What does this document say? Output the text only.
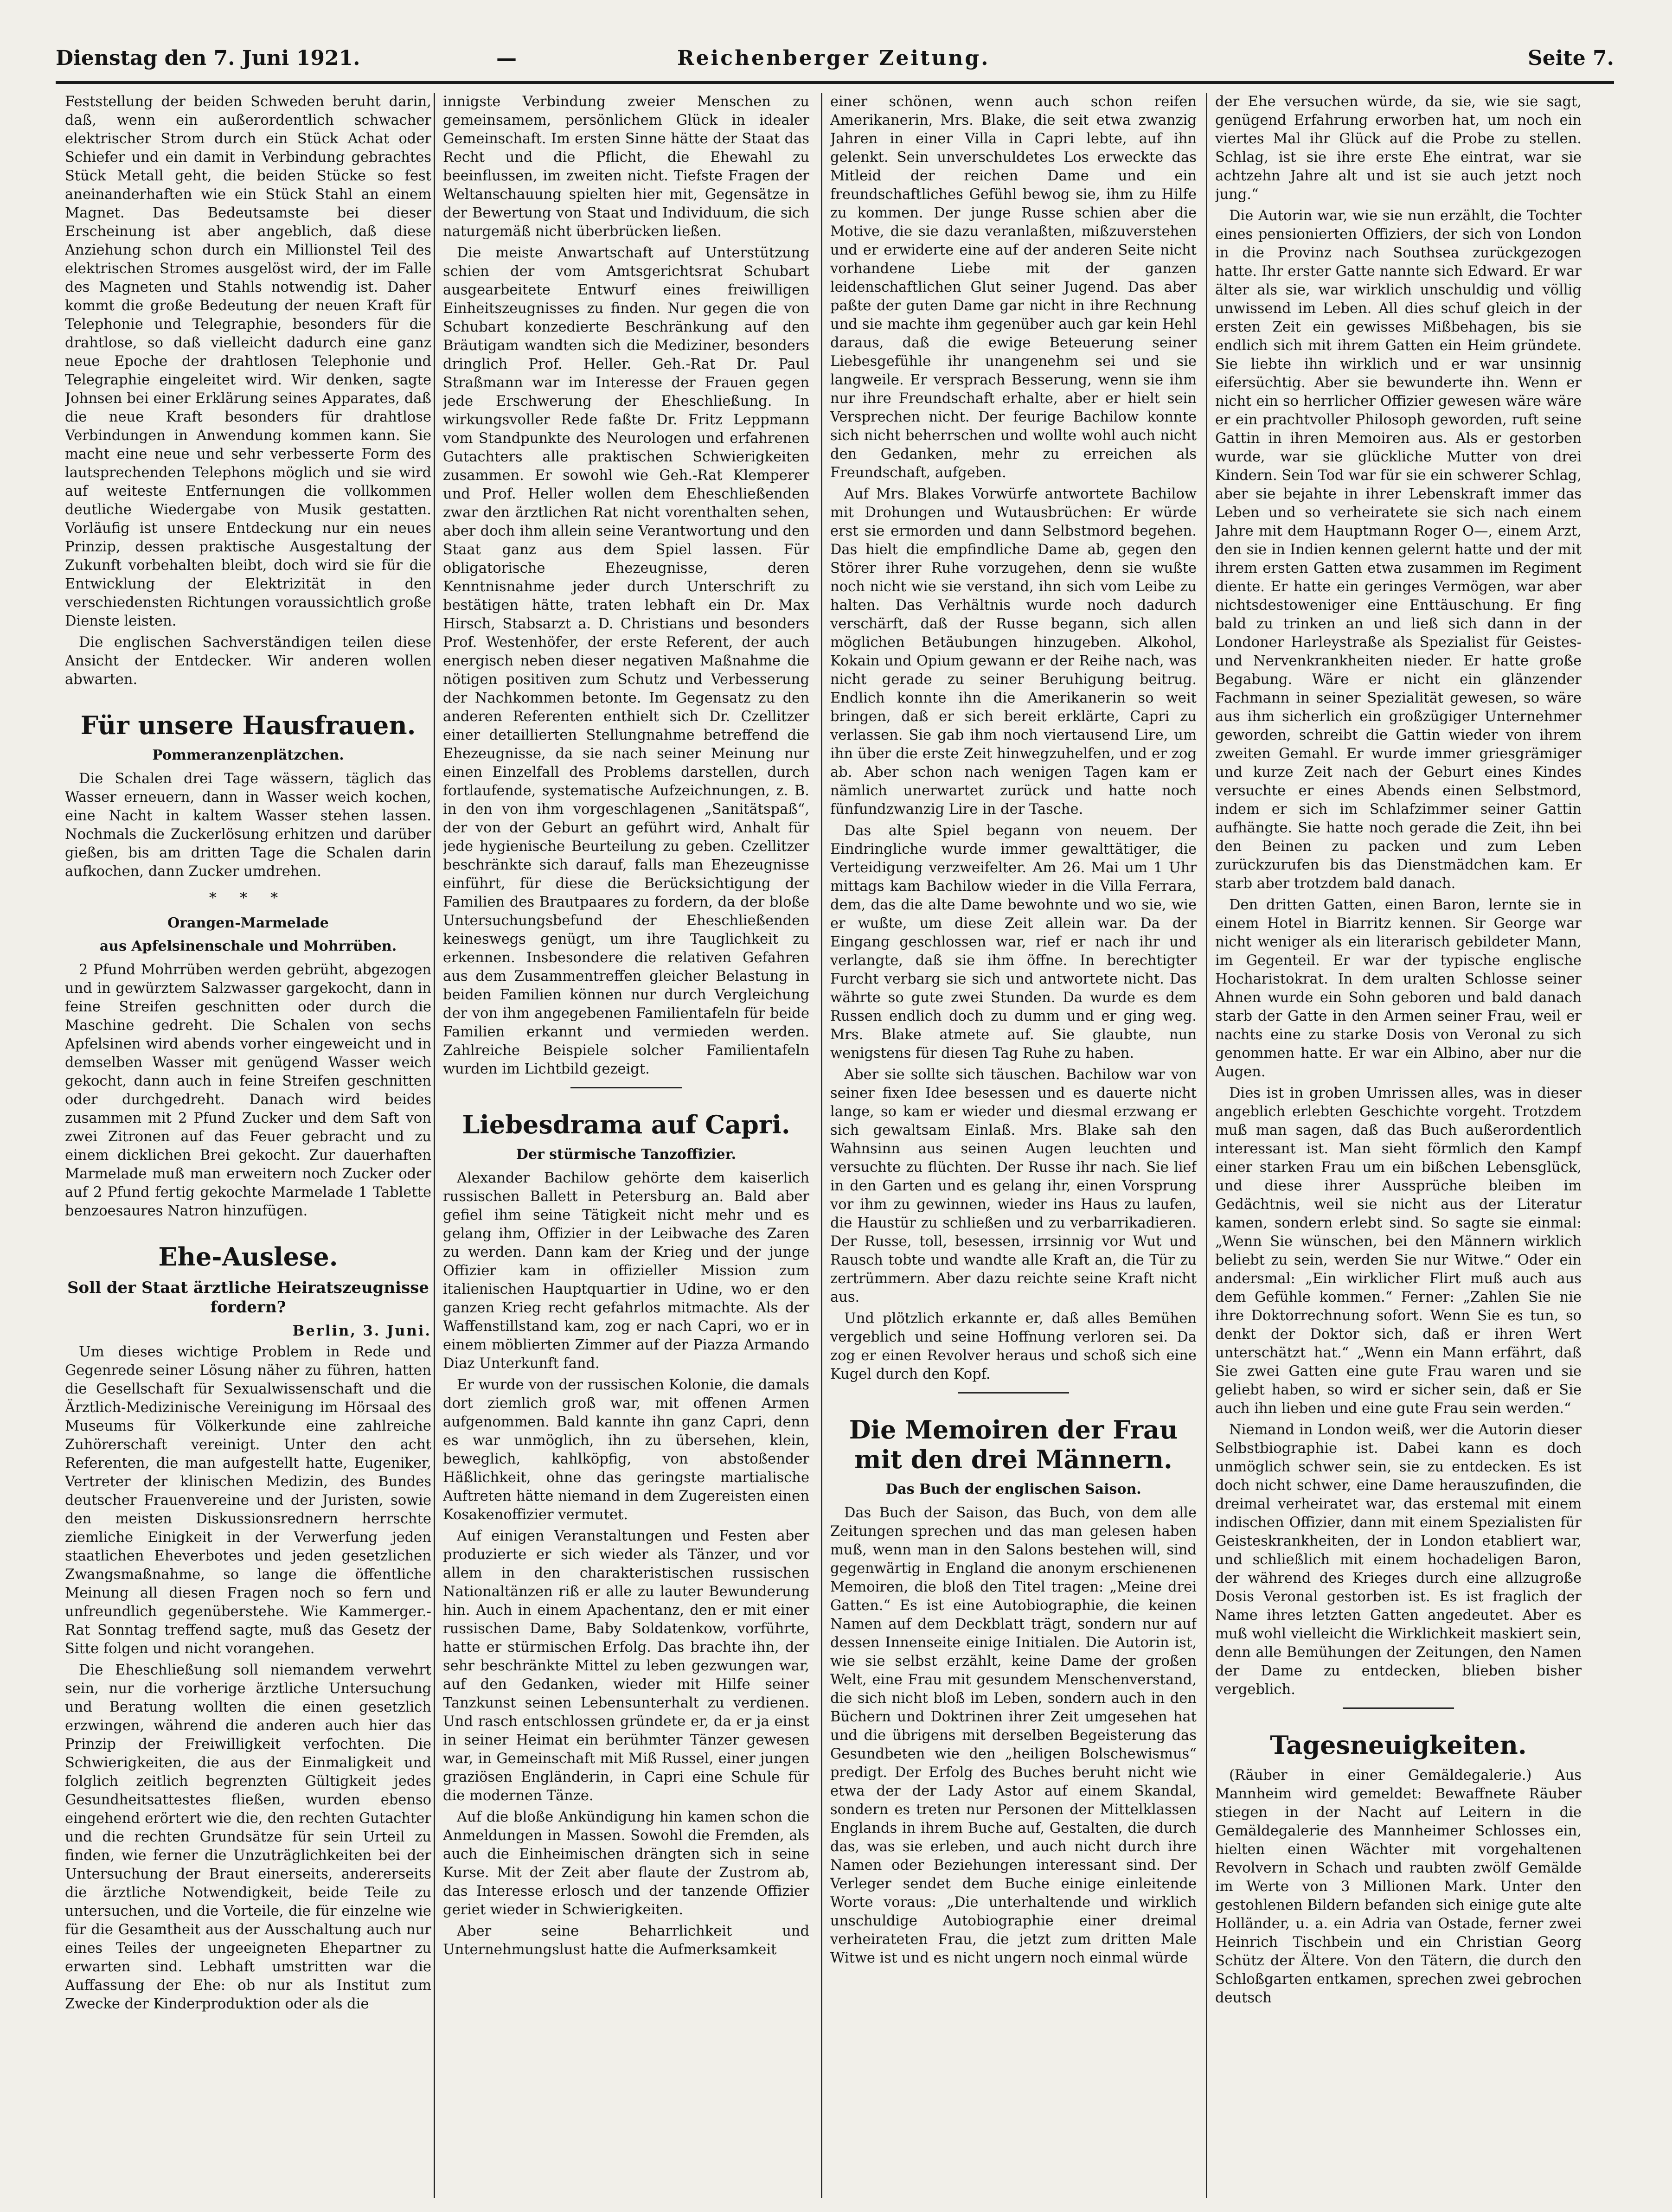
Dienstag den 7. Juni 1921.	—	Reichenberger Zeitung.	Seite 7.

Feststellung der beiden Schweden beruht darin, daß, wenn ein außerordentlich schwacher elektrischer Strom durch ein Stück Achat oder Schiefer und ein damit in Verbindung gebrachtes Stück Metall geht, die beiden Stücke so fest aneinanderhaften wie ein Stück Stahl an einem Magnet. Das Bedeutsamste bei dieser Erscheinung ist aber angeblich, daß diese Anziehung schon durch ein Millionstel Teil des elektrischen Stromes ausgelöst wird, der im Falle des Magneten und Stahls notwendig ist. Daher kommt die große Bedeutung der neuen Kraft für Telephonie und Telegraphie, besonders für die drahtlose, so daß vielleicht dadurch eine ganz neue Epoche der drahtlosen Telephonie und Telegraphie eingeleitet wird. Wir denken, sagte Johnsen bei einer Erklärung seines Apparates, daß die neue Kraft besonders für drahtlose Verbindungen in Anwendung kommen kann. Sie macht eine neue und sehr verbesserte Form des lautsprechenden Telephons möglich und sie wird auf weiteste Entfernungen die vollkommen deutliche Wiedergabe von Musik gestatten. Vorläufig ist unsere Entdeckung nur ein neues Prinzip, dessen praktische Ausgestaltung der Zukunft vorbehalten bleibt, doch wird sie für die Entwicklung der Elektrizität in den verschiedensten Richtungen voraussichtlich große Dienste leisten.

Die englischen Sachverständigen teilen diese Ansicht der Entdecker. Wir anderen wollen abwarten.

Für unsere Hausfrauen.
Pommeranzenplätzchen.

Die Schalen drei Tage wässern, täglich das Wasser erneuern, dann in Wasser weich kochen, eine Nacht in kaltem Wasser stehen lassen. Nochmals die Zuckerlösung erhitzen und darüber gießen, bis am dritten Tage die Schalen darin aufkochen, dann Zucker umdrehen.

* * *
Orangen-Marmelade
aus Apfelsinenschale und Mohrrüben.

2 Pfund Mohrrüben werden gebrüht, abgezogen und in gewürztem Salzwasser gargekocht, dann in feine Streifen geschnitten oder durch die Maschine gedreht. Die Schalen von sechs Apfelsinen wird abends vorher eingeweicht und in demselben Wasser mit genügend Wasser weich gekocht, dann auch in feine Streifen geschnitten oder durchgedreht. Danach wird beides zusammen mit 2 Pfund Zucker und dem Saft von zwei Zitronen auf das Feuer gebracht und zu einem dicklichen Brei gekocht. Zur dauerhaften Marmelade muß man erweitern noch Zucker oder auf 2 Pfund fertig gekochte Marmelade 1 Tablette benzoesaures Natron hinzufügen.

Ehe-Auslese.
Soll der Staat ärztliche Heiratszeugnisse fordern?
Berlin, 3. Juni.

Um dieses wichtige Problem in Rede und Gegenrede seiner Lösung näher zu führen, hatten die Gesellschaft für Sexualwissenschaft und die Ärztlich-Medizinische Vereinigung im Hörsaal des Museums für Völkerkunde eine zahlreiche Zuhörerschaft vereinigt. Unter den acht Referenten, die man aufgestellt hatte, Eugeniker, Vertreter der klinischen Medizin, des Bundes deutscher Frauenvereine und der Juristen, sowie den meisten Diskussionsrednern herrschte ziemliche Einigkeit in der Verwerfung jeden staatlichen Eheverbotes und jeden gesetzlichen Zwangsmaßnahme, so lange die öffentliche Meinung all diesen Fragen noch so fern und unfreundlich gegenüberstehe. Wie Kammerger.-Rat Sonntag treffend sagte, muß das Gesetz der Sitte folgen und nicht vorangehen.

Die Eheschließung soll niemandem verwehrt sein, nur die vorherige ärztliche Untersuchung und Beratung wollten die einen gesetzlich erzwingen, während die anderen auch hier das Prinzip der Freiwilligkeit verfochten. Die Schwierigkeiten, die aus der Einmaligkeit und folglich zeitlich begrenzten Gültigkeit jedes Gesundheitsattestes fließen, wurden ebenso eingehend erörtert wie die, den rechten Gutachter und die rechten Grundsätze für sein Urteil zu finden, wie ferner die Unzuträglichkeiten bei der Untersuchung der Braut einerseits, andererseits die ärztliche Notwendigkeit, beide Teile zu untersuchen, und die Vorteile, die für einzelne wie für die Gesamtheit aus der Ausschaltung auch nur eines Teiles der ungeeigneten Ehepartner zu erwarten sind. Lebhaft umstritten war die Auffassung der Ehe: ob nur als Institut zum Zwecke der Kinderproduktion oder als die

innigste Verbindung zweier Menschen zu gemeinsamem, persönlichem Glück in idealer Gemeinschaft. Im ersten Sinne hätte der Staat das Recht und die Pflicht, die Ehewahl zu beeinflussen, im zweiten nicht. Tiefste Fragen der Weltanschauung spielten hier mit, Gegensätze in der Bewertung von Staat und Individuum, die sich naturgemäß nicht überbrücken ließen.

Die meiste Anwartschaft auf Unterstützung schien der vom Amtsgerichtsrat Schubart ausgearbeitete Entwurf eines freiwilligen Einheitszeugnisses zu finden. Nur gegen die von Schubart konzedierte Beschränkung auf den Bräutigam wandten sich die Mediziner, besonders dringlich Prof. Heller. Geh.-Rat Dr. Paul Straßmann war im Interesse der Frauen gegen jede Erschwerung der Eheschließung. In wirkungsvoller Rede faßte Dr. Fritz Leppmann vom Standpunkte des Neurologen und erfahrenen Gutachters alle praktischen Schwierigkeiten zusammen. Er sowohl wie Geh.-Rat Klemperer und Prof. Heller wollen dem Eheschließenden zwar den ärztlichen Rat nicht vorenthalten sehen, aber doch ihm allein seine Verantwortung und den Staat ganz aus dem Spiel lassen. Für obligatorische Ehezeugnisse, deren Kenntnisnahme jeder durch Unterschrift zu bestätigen hätte, traten lebhaft ein Dr. Max Hirsch, Stabsarzt a. D. Christians und besonders Prof. Westenhöfer, der erste Referent, der auch energisch neben dieser negativen Maßnahme die nötigen positiven zum Schutz und Verbesserung der Nachkommen betonte. Im Gegensatz zu den anderen Referenten enthielt sich Dr. Czellitzer einer detaillierten Stellungnahme betreffend die Ehezeugnisse, da sie nach seiner Meinung nur einen Einzelfall des Problems darstellen, durch fortlaufende, systematische Aufzeichnungen, z. B. in den von ihm vorgeschlagenen „Sanitätspaß“, der von der Geburt an geführt wird, Anhalt für jede hygienische Beurteilung zu geben. Czellitzer beschränkte sich darauf, falls man Ehezeugnisse einführt, für diese die Berücksichtigung der Familien des Brautpaares zu fordern, da der bloße Untersuchungsbefund der Eheschließenden keineswegs genügt, um ihre Tauglichkeit zu erkennen. Insbesondere die relativen Gefahren aus dem Zusammentreffen gleicher Belastung in beiden Familien können nur durch Vergleichung der von ihm angegebenen Familientafeln für beide Familien erkannt und vermieden werden. Zahlreiche Beispiele solcher Familientafeln wurden im Lichtbild gezeigt.

Liebesdrama auf Capri.
Der stürmische Tanzoffizier.

Alexander Bachilow gehörte dem kaiserlich russischen Ballett in Petersburg an. Bald aber gefiel ihm seine Tätigkeit nicht mehr und es gelang ihm, Offizier in der Leibwache des Zaren zu werden. Dann kam der Krieg und der junge Offizier kam in offizieller Mission zum italienischen Hauptquartier in Udine, wo er den ganzen Krieg recht gefahrlos mitmachte. Als der Waffenstillstand kam, zog er nach Capri, wo er in einem möblierten Zimmer auf der Piazza Armando Diaz Unterkunft fand.

Er wurde von der russischen Kolonie, die damals dort ziemlich groß war, mit offenen Armen aufgenommen. Bald kannte ihn ganz Capri, denn es war unmöglich, ihn zu übersehen, klein, beweglich, kahlköpfig, von abstoßender Häßlichkeit, ohne das geringste martialische Auftreten hätte niemand in dem Zugereisten einen Kosakenoffizier vermutet.

Auf einigen Veranstaltungen und Festen aber produzierte er sich wieder als Tänzer, und vor allem in den charakteristischen russischen Nationaltänzen riß er alle zu lauter Bewunderung hin. Auch in einem Apachentanz, den er mit einer russischen Dame, Baby Soldatenkow, vorführte, hatte er stürmischen Erfolg. Das brachte ihn, der sehr beschränkte Mittel zu leben gezwungen war, auf den Gedanken, wieder mit Hilfe seiner Tanzkunst seinen Lebensunterhalt zu verdienen. Und rasch entschlossen gründete er, da er ja einst in seiner Heimat ein berühmter Tänzer gewesen war, in Gemeinschaft mit Miß Russel, einer jungen graziösen Engländerin, in Capri eine Schule für die modernen Tänze.

Auf die bloße Ankündigung hin kamen schon die Anmeldungen in Massen. Sowohl die Fremden, als auch die Einheimischen drängten sich in seine Kurse. Mit der Zeit aber flaute der Zustrom ab, das Interesse erlosch und der tanzende Offizier geriet wieder in Schwierigkeiten.

Aber seine Beharrlichkeit und Unternehmungslust hatte die Aufmerksamkeit

einer schönen, wenn auch schon reifen Amerikanerin, Mrs. Blake, die seit etwa zwanzig Jahren in einer Villa in Capri lebte, auf ihn gelenkt. Sein unverschuldetes Los erweckte das Mitleid der reichen Dame und ein freundschaftliches Gefühl bewog sie, ihm zu Hilfe zu kommen. Der junge Russe schien aber die Motive, die sie dazu veranlaßten, mißzuverstehen und er erwiderte eine auf der anderen Seite nicht vorhandene Liebe mit der ganzen leidenschaftlichen Glut seiner Jugend. Das aber paßte der guten Dame gar nicht in ihre Rechnung und sie machte ihm gegenüber auch gar kein Hehl daraus, daß die ewige Beteuerung seiner Liebesgefühle ihr unangenehm sei und sie langweile. Er versprach Besserung, wenn sie ihm nur ihre Freundschaft erhalte, aber er hielt sein Versprechen nicht. Der feurige Bachilow konnte sich nicht beherrschen und wollte wohl auch nicht den Gedanken, mehr zu erreichen als Freundschaft, aufgeben.

Auf Mrs. Blakes Vorwürfe antwortete Bachilow mit Drohungen und Wutausbrüchen: Er würde erst sie ermorden und dann Selbstmord begehen. Das hielt die empfindliche Dame ab, gegen den Störer ihrer Ruhe vorzugehen, denn sie wußte noch nicht wie sie verstand, ihn sich vom Leibe zu halten. Das Verhältnis wurde noch dadurch verschärft, daß der Russe begann, sich allen möglichen Betäubungen hinzugeben. Alkohol, Kokain und Opium gewann er der Reihe nach, was nicht gerade zu seiner Beruhigung beitrug. Endlich konnte ihn die Amerikanerin so weit bringen, daß er sich bereit erklärte, Capri zu verlassen. Sie gab ihm noch viertausend Lire, um ihn über die erste Zeit hinwegzuhelfen, und er zog ab. Aber schon nach wenigen Tagen kam er nämlich unerwartet zurück und hatte noch fünfundzwanzig Lire in der Tasche.

Das alte Spiel begann von neuem. Der Eindringliche wurde immer gewalttätiger, die Verteidigung verzweifelter. Am 26. Mai um 1 Uhr mittags kam Bachilow wieder in die Villa Ferrara, dem, das die alte Dame bewohnte und wo sie, wie er wußte, um diese Zeit allein war. Da der Eingang geschlossen war, rief er nach ihr und verlangte, daß sie ihm öffne. In berechtigter Furcht verbarg sie sich und antwortete nicht. Das währte so gute zwei Stunden. Da wurde es dem Russen endlich doch zu dumm und er ging weg. Mrs. Blake atmete auf. Sie glaubte, nun wenigstens für diesen Tag Ruhe zu haben.

Aber sie sollte sich täuschen. Bachilow war von seiner fixen Idee besessen und es dauerte nicht lange, so kam er wieder und diesmal erzwang er sich gewaltsam Einlaß. Mrs. Blake sah den Wahnsinn aus seinen Augen leuchten und versuchte zu flüchten. Der Russe ihr nach. Sie lief in den Garten und es gelang ihr, einen Vorsprung vor ihm zu gewinnen, wieder ins Haus zu laufen, die Haustür zu schließen und zu verbarrikadieren. Der Russe, toll, besessen, irrsinnig vor Wut und Rausch tobte und wandte alle Kraft an, die Tür zu zertrümmern. Aber dazu reichte seine Kraft nicht aus.

Und plötzlich erkannte er, daß alles Bemühen vergeblich und seine Hoffnung verloren sei. Da zog er einen Revolver heraus und schoß sich eine Kugel durch den Kopf.

Die Memoiren der Frau mit den drei Männern.
Das Buch der englischen Saison.

Das Buch der Saison, das Buch, von dem alle Zeitungen sprechen und das man gelesen haben muß, wenn man in den Salons bestehen will, sind gegenwärtig in England die anonym erschienenen Memoiren, die bloß den Titel tragen: „Meine drei Gatten.“ Es ist eine Autobiographie, die keinen Namen auf dem Deckblatt trägt, sondern nur auf dessen Innenseite einige Initialen. Die Autorin ist, wie sie selbst erzählt, keine Dame der großen Welt, eine Frau mit gesundem Menschenverstand, die sich nicht bloß im Leben, sondern auch in den Büchern und Doktrinen ihrer Zeit umgesehen hat und die übrigens mit derselben Begeisterung das Gesundbeten wie den „heiligen Bolschewismus“ predigt. Der Erfolg des Buches beruht nicht wie etwa der der Lady Astor auf einem Skandal, sondern es treten nur Personen der Mittelklassen Englands in ihrem Buche auf, Gestalten, die durch das, was sie erleben, und auch nicht durch ihre Namen oder Beziehungen interessant sind. Der Verleger sendet dem Buche einige einleitende Worte voraus: „Die unterhaltende und wirklich unschuldige Autobiographie einer dreimal verheirateten Frau, die jetzt zum dritten Male Witwe ist und es nicht ungern noch einmal würde

der Ehe versuchen würde, da sie, wie sie sagt, genügend Erfahrung erworben hat, um noch ein viertes Mal ihr Glück auf die Probe zu stellen. Schlag, ist sie ihre erste Ehe eintrat, war sie achtzehn Jahre alt und ist sie auch jetzt noch jung.“

Die Autorin war, wie sie nun erzählt, die Tochter eines pensionierten Offiziers, der sich von London in die Provinz nach Southsea zurückgezogen hatte. Ihr erster Gatte nannte sich Edward. Er war älter als sie, war wirklich unschuldig und völlig unwissend im Leben. All dies schuf gleich in der ersten Zeit ein gewisses Mißbehagen, bis sie endlich sich mit ihrem Gatten ein Heim gründete. Sie liebte ihn wirklich und er war unsinnig eifersüchtig. Aber sie bewunderte ihn. Wenn er nicht ein so herrlicher Offizier gewesen wäre wäre er ein prachtvoller Philosoph geworden, ruft seine Gattin in ihren Memoiren aus. Als er gestorben wurde, war sie glückliche Mutter von drei Kindern. Sein Tod war für sie ein schwerer Schlag, aber sie bejahte in ihrer Lebenskraft immer das Leben und so verheiratete sie sich nach einem Jahre mit dem Hauptmann Roger O—, einem Arzt, den sie in Indien kennen gelernt hatte und der mit ihrem ersten Gatten etwa zusammen im Regiment diente. Er hatte ein geringes Vermögen, war aber nichtsdestoweniger eine Enttäuschung. Er fing bald zu trinken an und ließ sich dann in der Londoner Harleystraße als Spezialist für Geistes- und Nervenkrankheiten nieder. Er hatte große Begabung. Wäre er nicht ein glänzender Fachmann in seiner Spezialität gewesen, so wäre aus ihm sicherlich ein großzügiger Unternehmer geworden, schreibt die Gattin wieder von ihrem zweiten Gemahl. Er wurde immer griesgrämiger und kurze Zeit nach der Geburt eines Kindes versuchte er eines Abends einen Selbstmord, indem er sich im Schlafzimmer seiner Gattin aufhängte. Sie hatte noch gerade die Zeit, ihn bei den Beinen zu packen und zum Leben zurückzurufen bis das Dienstmädchen kam. Er starb aber trotzdem bald danach.

Den dritten Gatten, einen Baron, lernte sie in einem Hotel in Biarritz kennen. Sir George war nicht weniger als ein literarisch gebildeter Mann, im Gegenteil. Er war der typische englische Hocharistokrat. In dem uralten Schlosse seiner Ahnen wurde ein Sohn geboren und bald danach starb der Gatte in den Armen seiner Frau, weil er nachts eine zu starke Dosis von Veronal zu sich genommen hatte. Er war ein Albino, aber nur die Augen.

Dies ist in groben Umrissen alles, was in dieser angeblich erlebten Geschichte vorgeht. Trotzdem muß man sagen, daß das Buch außerordentlich interessant ist. Man sieht förmlich den Kampf einer starken Frau um ein bißchen Lebensglück, und diese ihrer Aussprüche bleiben im Gedächtnis, weil sie nicht aus der Literatur kamen, sondern erlebt sind. So sagte sie einmal: „Wenn Sie wünschen, bei den Männern wirklich beliebt zu sein, werden Sie nur Witwe.“ Oder ein andersmal: „Ein wirklicher Flirt muß auch aus dem Gefühle kommen.“ Ferner: „Zahlen Sie nie ihre Doktorrechnung sofort. Wenn Sie es tun, so denkt der Doktor sich, daß er ihren Wert unterschätzt hat.“ „Wenn ein Mann erfährt, daß Sie zwei Gatten eine gute Frau waren und sie geliebt haben, so wird er sicher sein, daß er Sie auch ihn lieben und eine gute Frau sein werden.“

Niemand in London weiß, wer die Autorin dieser Selbstbiographie ist. Dabei kann es doch unmöglich schwer sein, sie zu entdecken. Es ist doch nicht schwer, eine Dame herauszufinden, die dreimal verheiratet war, das erstemal mit einem indischen Offizier, dann mit einem Spezialisten für Geisteskrankheiten, der in London etabliert war, und schließlich mit einem hochadeligen Baron, der während des Krieges durch eine allzugroße Dosis Veronal gestorben ist. Es ist fraglich der Name ihres letzten Gatten angedeutet. Aber es muß wohl vielleicht die Wirklichkeit maskiert sein, denn alle Bemühungen der Zeitungen, den Namen der Dame zu entdecken, blieben bisher vergeblich.

Tagesneuigkeiten.

(Räuber in einer Gemäldegalerie.) Aus Mannheim wird gemeldet: Bewaffnete Räuber stiegen in der Nacht auf Leitern in die Gemäldegalerie des Mannheimer Schlosses ein, hielten einen Wächter mit vorgehaltenen Revolvern in Schach und raubten zwölf Gemälde im Werte von 3 Millionen Mark. Unter den gestohlenen Bildern befanden sich einige gute alte Holländer, u. a. ein Adria van Ostade, ferner zwei Heinrich Tischbein und ein Christian Georg Schütz der Ältere. Von den Tätern, die durch den Schloßgarten entkamen, sprechen zwei gebrochen deutsch
